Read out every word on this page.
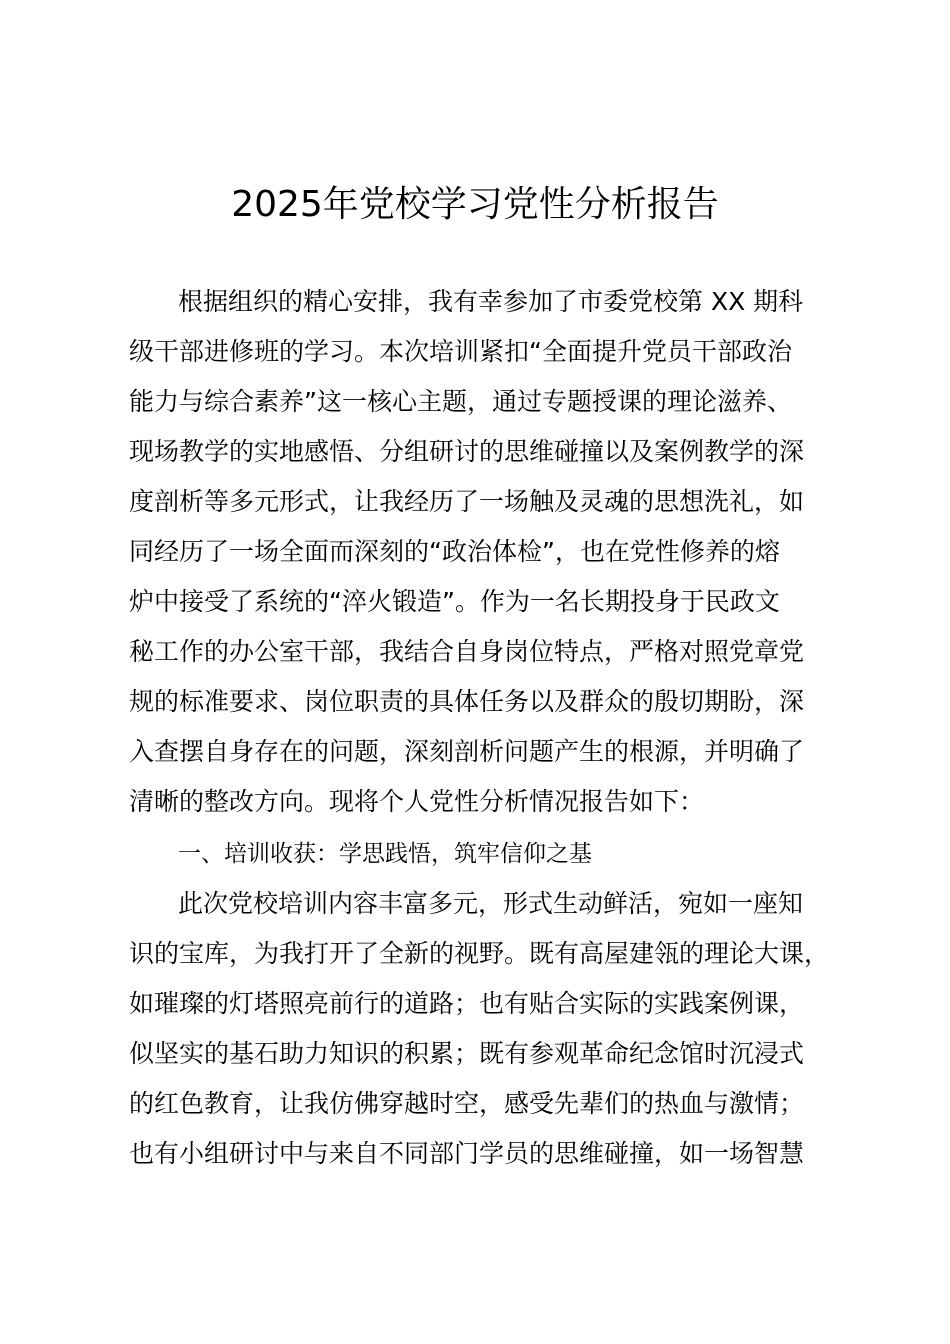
2025年党校学习党性分析报告
根据组织的精心安排，我有幸参加了市委党校第 XX 期科
级干部进修班的学习。本次培训紧扣“全面提升党员干部政治
能力与综合素养”这一核心主题，通过专题授课的理论滋养、
现场教学的实地感悟、分组研讨的思维碰撞以及案例教学的深
度剖析等多元形式，让我经历了一场触及灵魂的思想洗礼，如
同经历了一场全面而深刻的“政治体检”，也在党性修养的熔
炉中接受了系统的“淬火锻造”。作为一名长期投身于民政文
秘工作的办公室干部，我结合自身岗位特点，严格对照党章党
规的标准要求、岗位职责的具体任务以及群众的殷切期盼，深
入查摆自身存在的问题，深刻剖析问题产生的根源，并明确了
清晰的整改方向。现将个人党性分析情况报告如下：
一、培训收获：学思践悟，筑牢信仰之基
此次党校培训内容丰富多元，形式生动鲜活，宛如一座知
识的宝库，为我打开了全新的视野。既有高屋建瓴的理论大课，
如璀璨的灯塔照亮前行的道路；也有贴合实际的实践案例课，
似坚实的基石助力知识的积累；既有参观革命纪念馆时沉浸式
的红色教育，让我仿佛穿越时空，感受先辈们的热血与激情；
也有小组研讨中与来自不同部门学员的思维碰撞，如一场智慧
